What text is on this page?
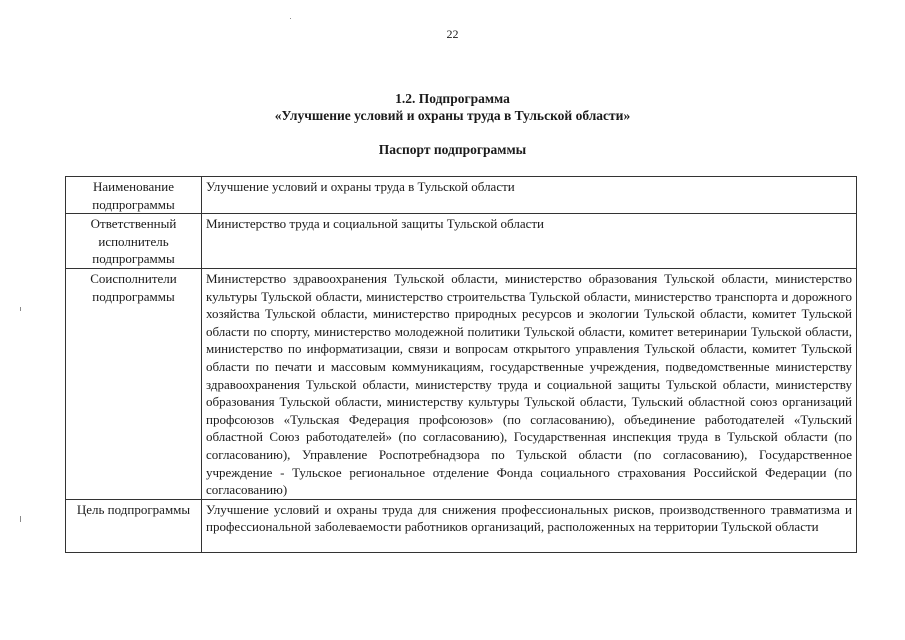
22
1.2. Подпрограмма
«Улучшение условий и охраны труда в Тульской области»
Паспорт подпрограммы
Наименование подпрограммы	Улучшение условий и охраны труда в Тульской области
Ответственный исполнитель подпрограммы	Министерство труда и социальной защиты Тульской области
Соисполнители подпрограммы	Министерство здравоохранения Тульской области, министерство образования Тульской области, министерство культуры Тульской области, министерство строительства Тульской области, министерство транспорта и дорожного хозяйства Тульской области, министерство природных ресурсов и экологии Тульской области, комитет Тульской области по спорту, министерство молодежной политики Тульской области, комитет ветеринарии Тульской области, министерство по информатизации, связи и вопросам открытого управления Тульской области, комитет Тульской области по печати и массовым коммуникациям, государственные учреждения, подведомственные министерству здравоохранения Тульской области, министерству труда и социальной защиты Тульской области, министерству образования Тульской области, министерству культуры Тульской области, Тульский областной союз организаций профсоюзов «Тульская Федерация профсоюзов» (по согласованию), объединение работодателей «Тульский областной Союз работодателей» (по согласованию), Государственная инспекция труда в Тульской области (по согласованию), Управление Роспотребнадзора по Тульской области (по согласованию), Государственное учреждение - Тульское региональное отделение Фонда социального страхования Российской Федерации (по согласованию)
Цель подпрограммы	Улучшение условий и охраны труда для снижения профессиональных рисков, производственного травматизма и профессиональной заболеваемости работников организаций, расположенных на территории Тульской области
